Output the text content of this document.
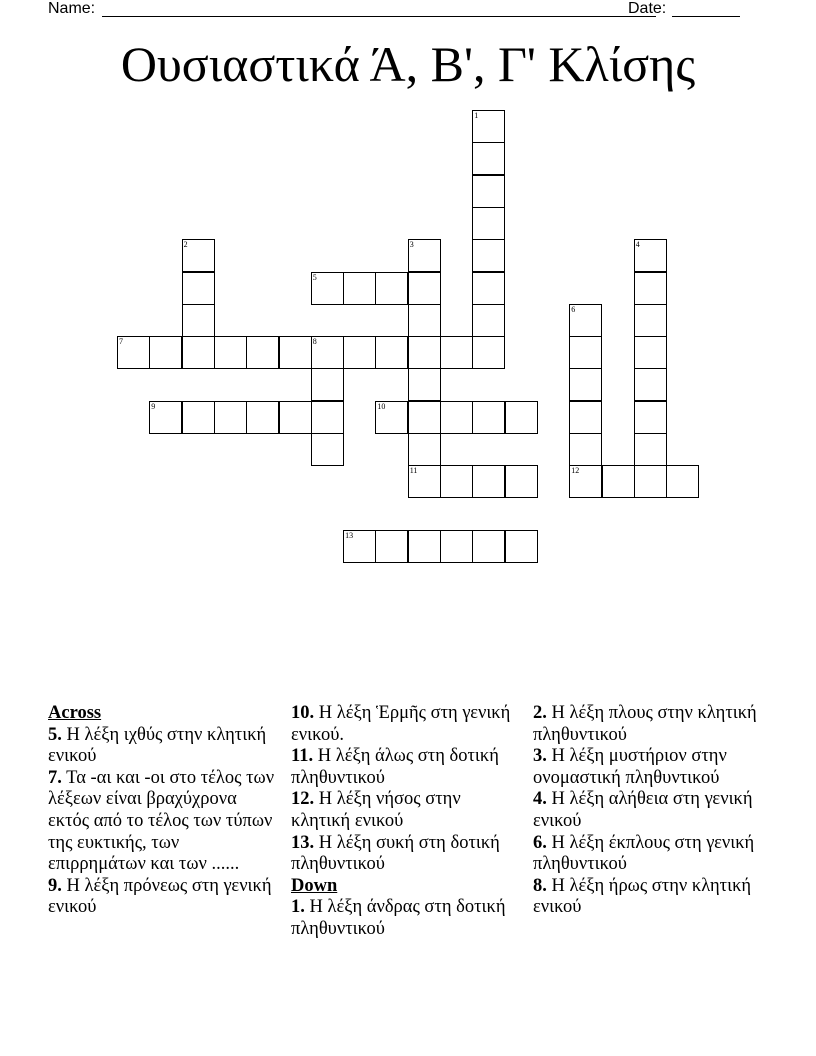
Name:	Date:
Ουσιαστικά Ά, Β', Γ' Κλίσης
1
2	3
11
4
5
6
12
7	8
9	10
13
Across
5. Η λέξη ιχθύς στην κλητική ενικού
7. Τα -αι και -οι στο τέλος των λέξεων είναι βραχύχρονα εκτός από το τέλος των τύπων της ευκτικής, των επιρρημάτων και των ......
9. Η λέξη πρόνεως στη γενική ενικού
10. Η λέξη Ἑρμῆς στη γενική ενικού.
11. Η λέξη άλως στη δοτική πληθυντικού
12. Η λέξη νήσος στην κλητική ενικού
13. Η λέξη συκή στη δοτική πληθυντικού
Down
1. Η λέξη άνδρας στη δοτική πληθυντικού
2. Η λέξη πλους στην κλητική πληθυντικού
3. Η λέξη μυστήριον στην ονομαστική πληθυντικού
4. Η λέξη αλήθεια στη γενική ενικού
6. Η λέξη έκπλους στη γενική πληθυντικού
8. Η λέξη ήρως στην κλητική ενικού
